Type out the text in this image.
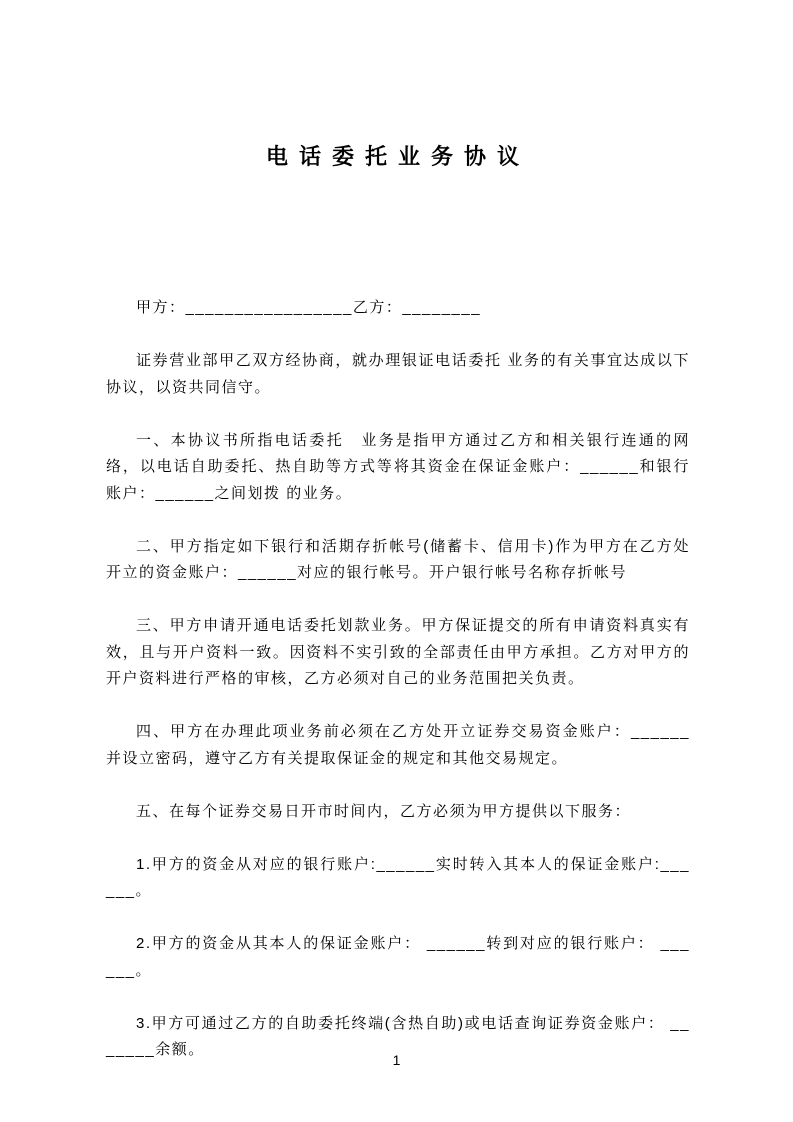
电话委托业务协议

甲方：_________________乙方：________

证券营业部甲乙双方经协商，就办理银证电话委托 业务的有关事宜达成以下协议，以资共同信守。

一、本协议书所指电话委托　业务是指甲方通过乙方和相关银行连通的网络，以电话自助委托、热自助等方式等将其资金在保证金账户：______和银行账户：______之间划拨 的业务。

二、甲方指定如下银行和活期存折帐号(储蓄卡、信用卡)作为甲方在乙方处开立的资金账户：______对应的银行帐号。开户银行帐号名称存折帐号

三、甲方申请开通电话委托划款业务。甲方保证提交的所有申请资料真实有效，且与开户资料一致。因资料不实引致的全部责任由甲方承担。乙方对甲方的开户资料进行严格的审核，乙方必须对自己的业务范围把关负责。

四、甲方在办理此项业务前必须在乙方处开立证券交易资金账户：______并设立密码，遵守乙方有关提取保证金的规定和其他交易规定。

五、在每个证券交易日开市时间内，乙方必须为甲方提供以下服务：

1.甲方的资金从对应的银行账户:______实时转入其本人的保证金账户:______。

2.甲方的资金从其本人的保证金账户： ______转到对应的银行账户： ______。

3.甲方可通过乙方的自助委托终端(含热自助)或电话查询证券资金账户： _______余额。

1
